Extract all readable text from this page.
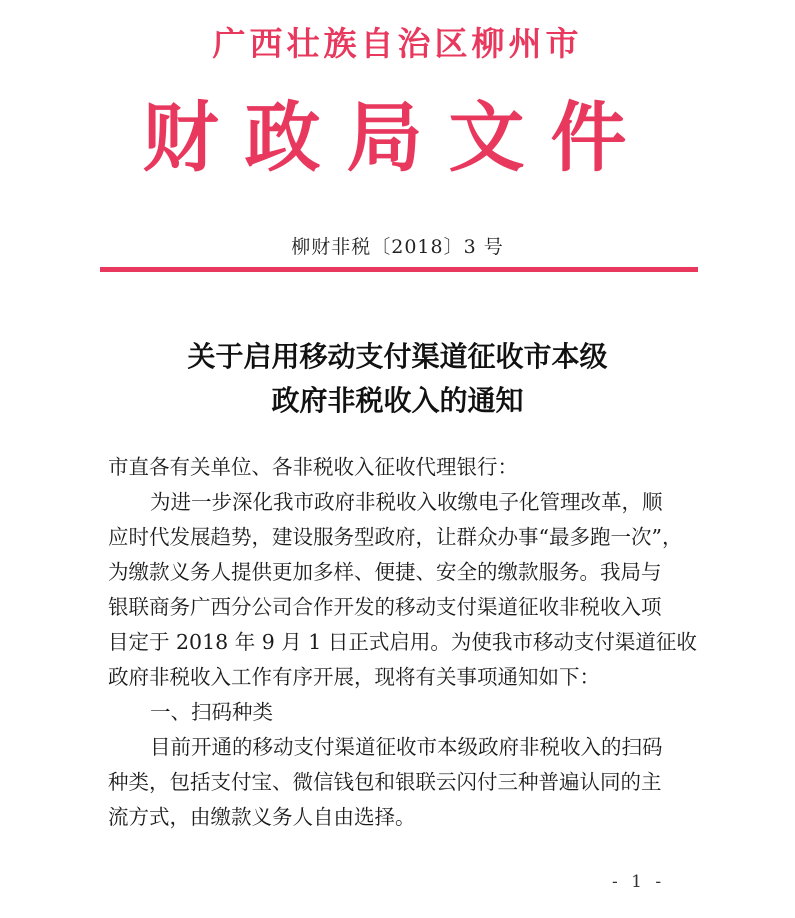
广西壮族自治区柳州市
财政局文件
柳财非税〔2018〕3 号
关于启用移动支付渠道征收市本级
政府非税收入的通知

市直各有关单位、各非税收入征收代理银行：

为进一步深化我市政府非税收入收缴电子化管理改革，顺
应时代发展趋势，建设服务型政府，让群众办事“最多跑一次”，
为缴款义务人提供更加多样、便捷、安全的缴款服务。我局与
银联商务广西分公司合作开发的移动支付渠道征收非税收入项
目定于 2018 年 9 月 1 日正式启用。为使我市移动支付渠道征收
政府非税收入工作有序开展，现将有关事项通知如下：

一、扫码种类

目前开通的移动支付渠道征收市本级政府非税收入的扫码
种类，包括支付宝、微信钱包和银联云闪付三种普遍认同的主
流方式，由缴款义务人自由选择。

- 1 -
